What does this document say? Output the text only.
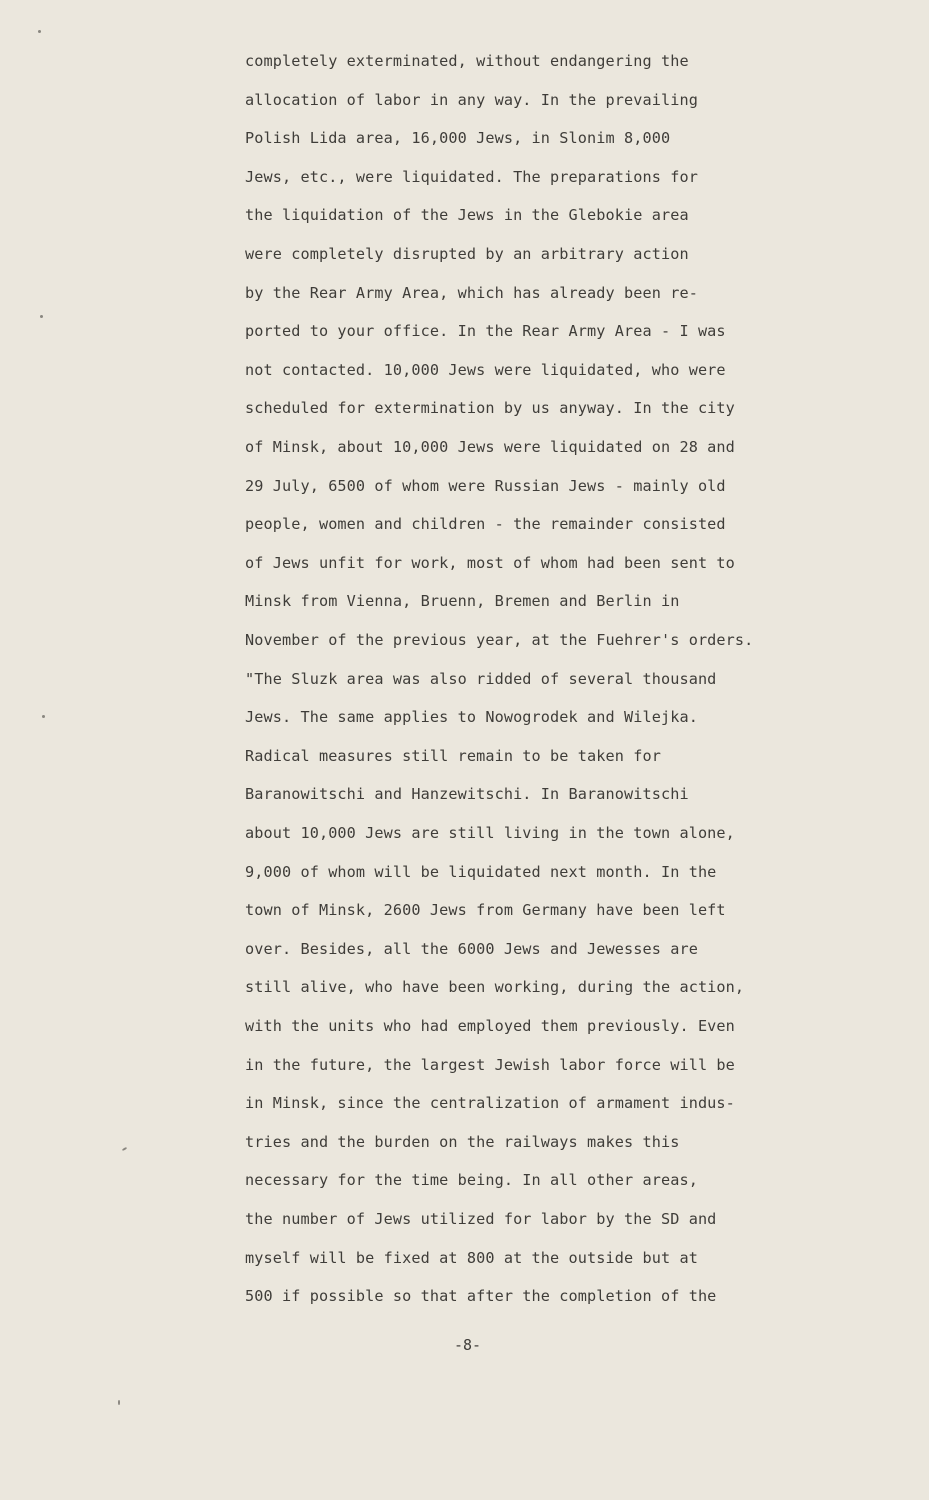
completely exterminated, without endangering the
allocation of labor in any way. In the prevailing
Polish Lida area, 16,000 Jews, in Slonim 8,000
Jews, etc., were liquidated. The preparations for
the liquidation of the Jews in the Glebokie area
were completely disrupted by an arbitrary action
by the Rear Army Area, which has already been re-
ported to your office. In the Rear Army Area - I was
not contacted. 10,000 Jews were liquidated, who were
scheduled for extermination by us anyway. In the city
of Minsk, about 10,000 Jews were liquidated on 28 and
29 July, 6500 of whom were Russian Jews - mainly old
people, women and children - the remainder consisted
of Jews unfit for work, most of whom had been sent to
Minsk from Vienna, Bruenn, Bremen and Berlin in
November of the previous year, at the Fuehrer's orders.
"The Sluzk area was also ridded of several thousand
Jews. The same applies to Nowogrodek and Wilejka.
Radical measures still remain to be taken for
Baranowitschi and Hanzewitschi. In Baranowitschi
about 10,000 Jews are still living in the town alone,
9,000 of whom will be liquidated next month. In the
town of Minsk, 2600 Jews from Germany have been left
over. Besides, all the 6000 Jews and Jewesses are
still alive, who have been working, during the action,
with the units who had employed them previously. Even
in the future, the largest Jewish labor force will be
in Minsk, since the centralization of armament indus-
tries and the burden on the railways makes this
necessary for the time being. In all other areas,
the number of Jews utilized for labor by the SD and
myself will be fixed at 800 at the outside but at
500 if possible so that after the completion of the
-8-
